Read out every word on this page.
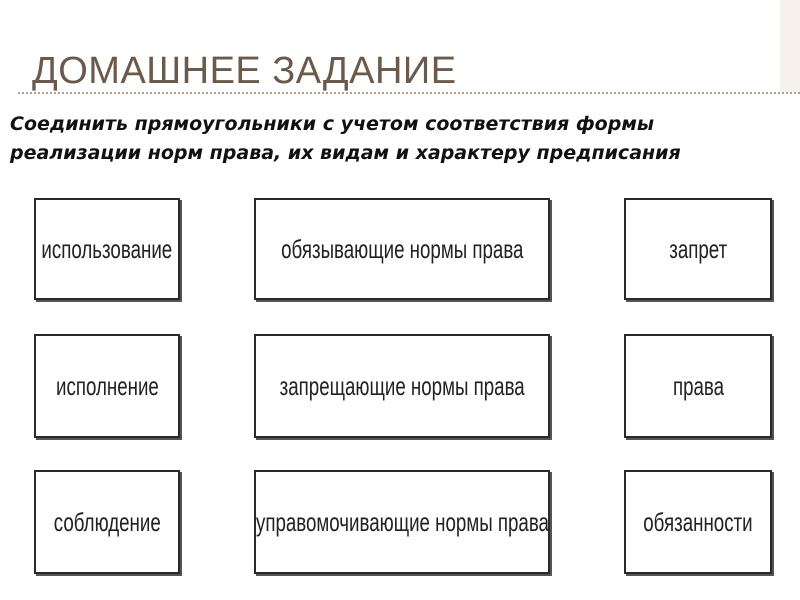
ДОМАШНЕЕ ЗАДАНИЕ

Соединить прямоугольники с учетом соответствия формы реализации норм права, их видам и характеру предписания

использование
исполнение
соблюдение
обязывающие нормы права
запрещающие нормы права
управомочивающие нормы права
запрет
права
обязанности
